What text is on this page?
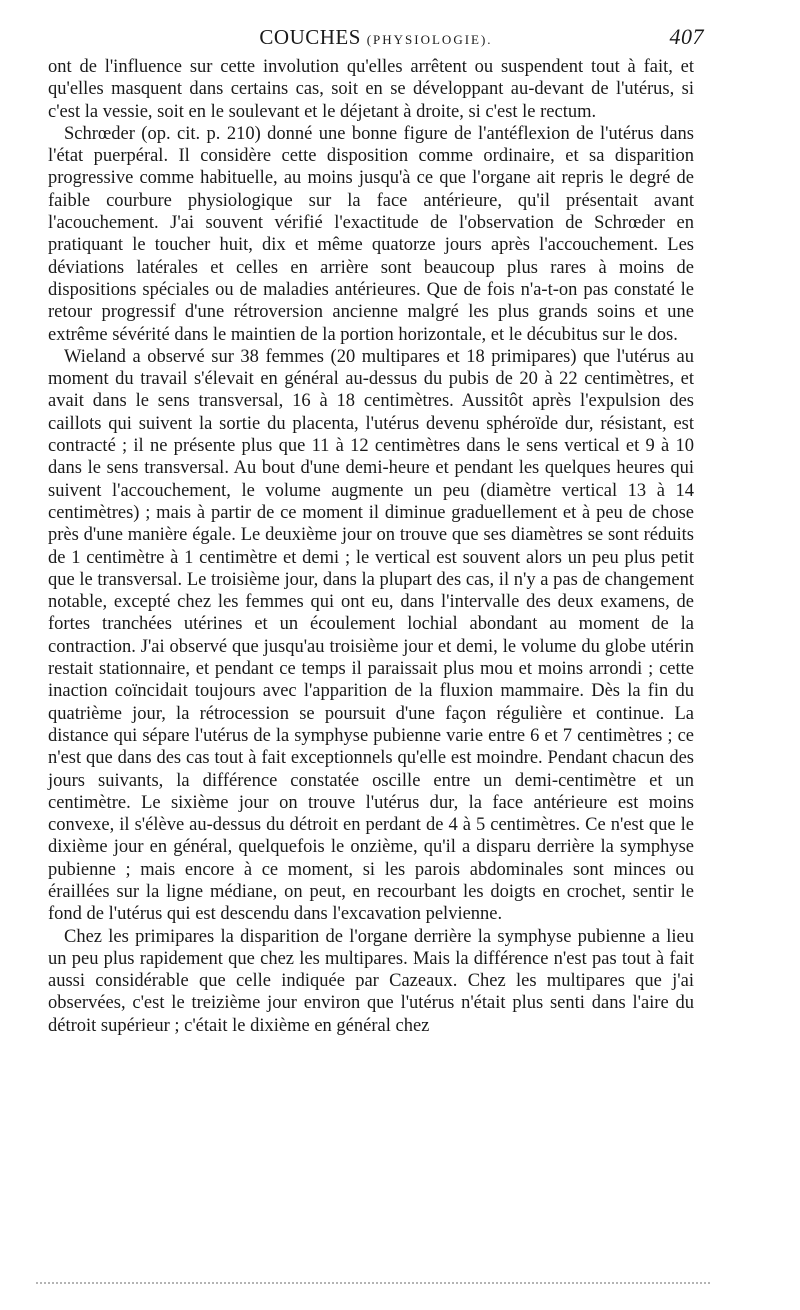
COUCHES (PHYSIOLOGIE).	407

ont de l'influence sur cette involution qu'elles arrêtent ou suspendent tout à fait, et qu'elles masquent dans certains cas, soit en se développant au-devant de l'utérus, si c'est la vessie, soit en le soulevant et le déjetant à droite, si c'est le rectum.

Schrœder (op. cit. p. 210) donné une bonne figure de l'antéflexion de l'utérus dans l'état puerpéral. Il considère cette disposition comme ordinaire, et sa disparition progressive comme habituelle, au moins jusqu'à ce que l'organe ait repris le degré de faible courbure physiologique sur la face antérieure, qu'il présentait avant l'acouchement. J'ai souvent vérifié l'exactitude de l'observation de Schrœder en pratiquant le toucher huit, dix et même quatorze jours après l'accouchement. Les déviations latérales et celles en arrière sont beaucoup plus rares à moins de dispositions spéciales ou de maladies antérieures. Que de fois n'a-t-on pas constaté le retour progressif d'une rétroversion ancienne malgré les plus grands soins et une extrême sévérité dans le maintien de la portion horizontale, et le décubitus sur le dos.

Wieland a observé sur 38 femmes (20 multipares et 18 primipares) que l'utérus au moment du travail s'élevait en général au-dessus du pubis de 20 à 22 centimètres, et avait dans le sens transversal, 16 à 18 centimètres. Aussitôt après l'expulsion des caillots qui suivent la sortie du placenta, l'utérus devenu sphéroïde dur, résistant, est contracté ; il ne présente plus que 11 à 12 centimètres dans le sens vertical et 9 à 10 dans le sens transversal. Au bout d'une demi-heure et pendant les quelques heures qui suivent l'accouchement, le volume augmente un peu (diamètre vertical 13 à 14 centimètres) ; mais à partir de ce moment il diminue graduellement et à peu de chose près d'une manière égale. Le deuxième jour on trouve que ses diamètres se sont réduits de 1 centimètre à 1 centimètre et demi ; le vertical est souvent alors un peu plus petit que le transversal. Le troisième jour, dans la plupart des cas, il n'y a pas de changement notable, excepté chez les femmes qui ont eu, dans l'intervalle des deux examens, de fortes tranchées utérines et un écoulement lochial abondant au moment de la contraction. J'ai observé que jusqu'au troisième jour et demi, le volume du globe utérin restait stationnaire, et pendant ce temps il paraissait plus mou et moins arrondi ; cette inaction coïncidait toujours avec l'apparition de la fluxion mammaire. Dès la fin du quatrième jour, la rétrocession se poursuit d'une façon régulière et continue. La distance qui sépare l'utérus de la symphyse pubienne varie entre 6 et 7 centimètres ; ce n'est que dans des cas tout à fait exceptionnels qu'elle est moindre. Pendant chacun des jours suivants, la différence constatée oscille entre un demi-centimètre et un centimètre. Le sixième jour on trouve l'utérus dur, la face antérieure est moins convexe, il s'élève au-dessus du détroit en perdant de 4 à 5 centimètres. Ce n'est que le dixième jour en général, quelquefois le onzième, qu'il a disparu derrière la symphyse pubienne ; mais encore à ce moment, si les parois abdominales sont minces ou éraillées sur la ligne médiane, on peut, en recourbant les doigts en crochet, sentir le fond de l'utérus qui est descendu dans l'excavation pelvienne.

Chez les primipares la disparition de l'organe derrière la symphyse pubienne a lieu un peu plus rapidement que chez les multipares. Mais la différence n'est pas tout à fait aussi considérable que celle indiquée par Cazeaux. Chez les multipares que j'ai observées, c'est le treizième jour environ que l'utérus n'était plus senti dans l'aire du détroit supérieur ; c'était le dixième en général chez
